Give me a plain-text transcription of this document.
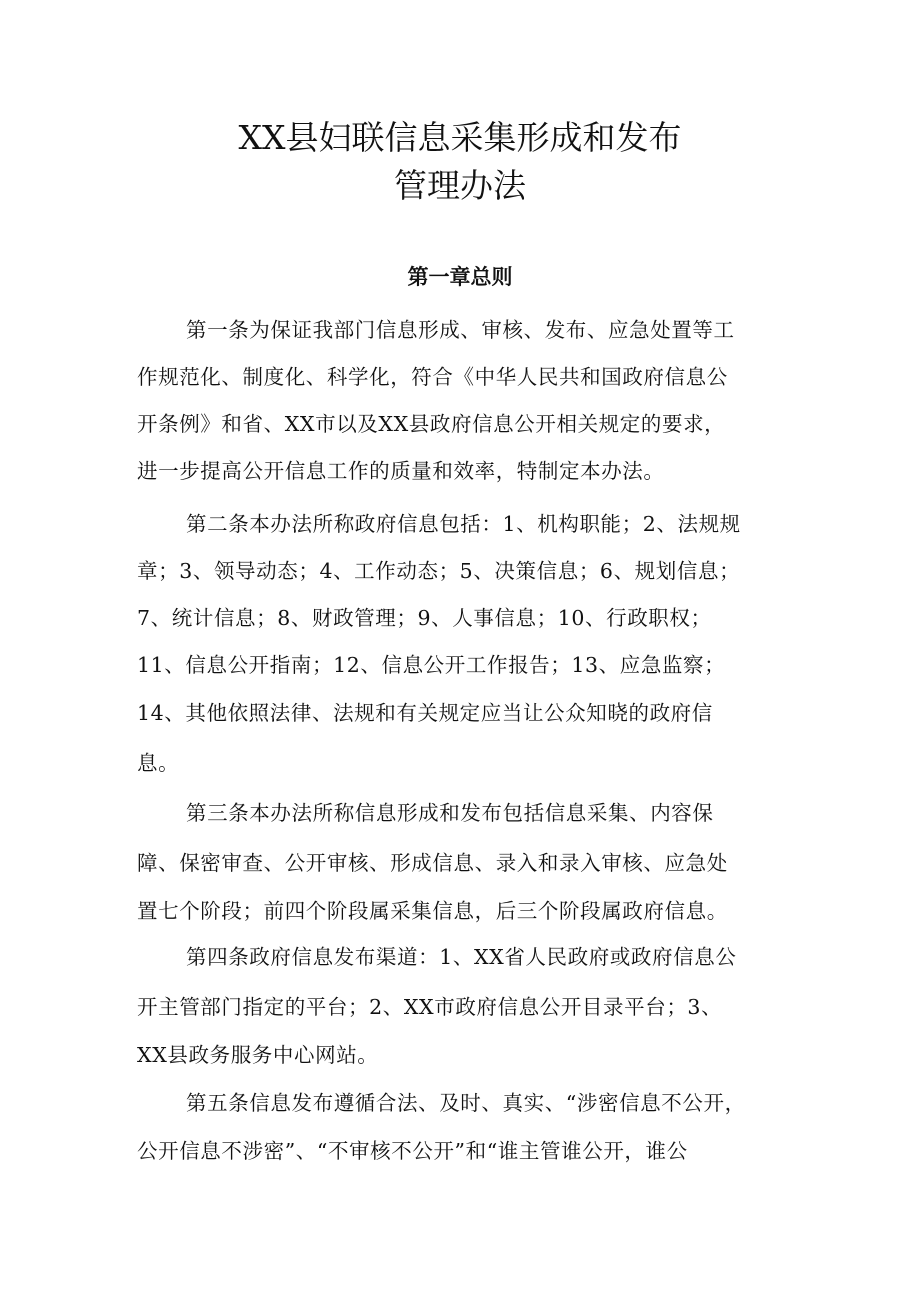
XX县妇联信息采集形成和发布
管理办法
第一章总则
第一条为保证我部门信息形成、审核、发布、应急处置等工
作规范化、制度化、科学化，符合《中华人民共和国政府信息公
开条例》和省、XX市以及XX县政府信息公开相关规定的要求，
进一步提高公开信息工作的质量和效率，特制定本办法。
第二条本办法所称政府信息包括：1、机构职能；2、法规规
章；3、领导动态；4、工作动态；5、决策信息；6、规划信息；
7、统计信息；8、财政管理；9、人事信息；10、行政职权；
11、信息公开指南；12、信息公开工作报告；13、应急监察；
14、其他依照法律、法规和有关规定应当让公众知晓的政府信
息。
第三条本办法所称信息形成和发布包括信息采集、内容保
障、保密审查、公开审核、形成信息、录入和录入审核、应急处
置七个阶段；前四个阶段属采集信息，后三个阶段属政府信息。
第四条政府信息发布渠道：1、XX省人民政府或政府信息公
开主管部门指定的平台；2、XX市政府信息公开目录平台；3、
XX县政务服务中心网站。
第五条信息发布遵循合法、及时、真实、“涉密信息不公开，
公开信息不涉密”、“不审核不公开”和“谁主管谁公开，谁公
